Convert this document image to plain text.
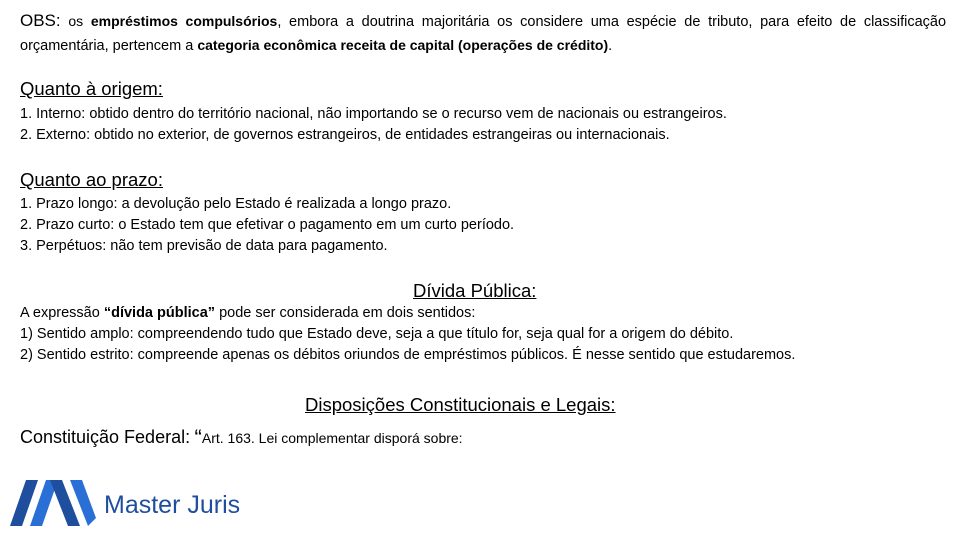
OBS: os empréstimos compulsórios, embora a doutrina majoritária os considere uma espécie de tributo, para efeito de classificação orçamentária, pertencem a categoria econômica receita de capital (operações de crédito).
Quanto à origem:
1. Interno: obtido dentro do território nacional, não importando se o recurso vem de nacionais ou estrangeiros.
2. Externo: obtido no exterior, de governos estrangeiros, de entidades estrangeiras ou internacionais.
Quanto ao prazo:
1. Prazo longo: a devolução pelo Estado é realizada a longo prazo.
2. Prazo curto: o Estado tem que efetivar o pagamento em um curto período.
3. Perpétuos: não tem previsão de data para pagamento.
Dívida Pública:

A expressão “dívida pública” pode ser considerada em dois sentidos:

1) Sentido amplo: compreendendo tudo que Estado deve, seja a que título for, seja qual for a origem do débito.

2) Sentido estrito: compreende apenas os débitos oriundos de empréstimos públicos. É nesse sentido que estudaremos.

Disposições Constitucionais e Legais:
Constituição Federal: “Art. 163. Lei complementar disporá sobre:
Master Juris
